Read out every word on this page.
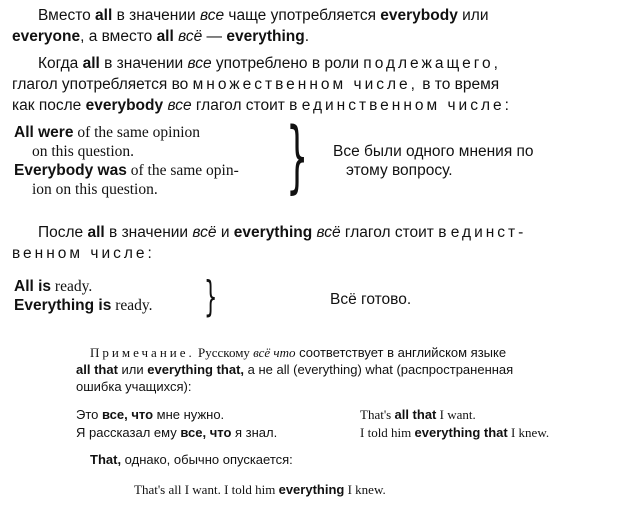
Вместо all в значении все чаще употребляется everybody или
everyone, а вместо all всё — everything.
Когда all в значении все употреблено в роли подлежащего,
глагол употребляется во множественном числе, в то время
как после everybody все глагол стоит в единственном числе:
All were of the same opinion
on this question.
Everybody was of the same opin-
ion on this question. } Все были одного мнения по
этому вопросу.
После all в значении всё и everything всё глагол стоит в единст-
венном числе:
All is ready.
Everything is ready. }	Всё готово.
Примечание. Русскому всё что соответствует в английском языке
all that или everything that, а не all (everything) what (распространенная
ошибка учащихся):
Это все, что мне нужно.
Я рассказал ему все, что я знал.
That's all that I want.
I told him everything that I knew.
That, однако, обычно опускается:
That's all I want. I told him everything I knew.
